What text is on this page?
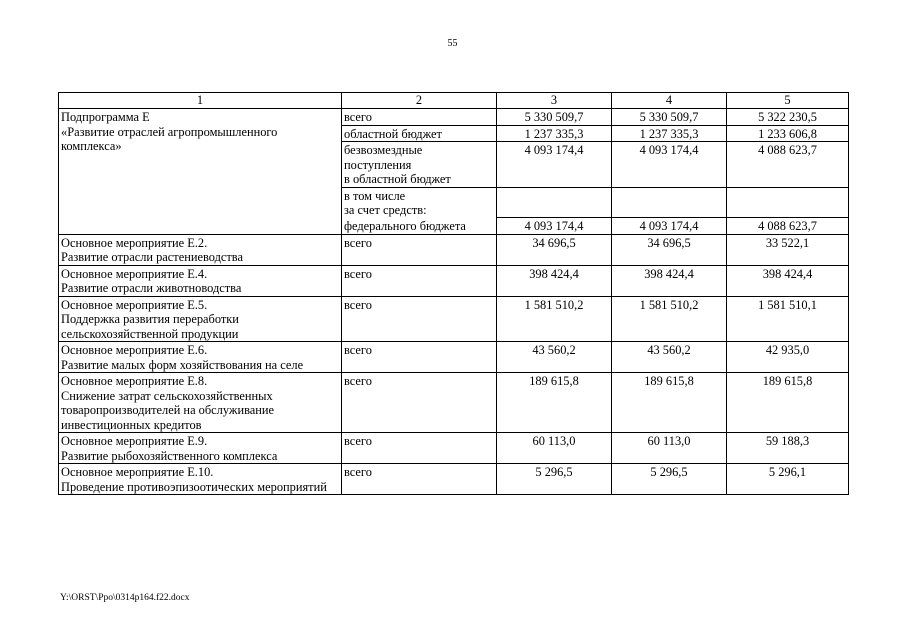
55
1	2	3	4	5
Подпрограмма Е
«Развитие отраслей агропромышленного комплекса»	всего	5 330 509,7	5 330 509,7	5 322 230,5
	областной бюджет	1 237 335,3	1 237 335,3	1 233 606,8
	безвозмездные
поступления
в областной бюджет	4 093 174,4	4 093 174,4	4 088 623,7
	в том числе
за счет средств:			
	федерального бюджета	4 093 174,4	4 093 174,4	4 088 623,7
Основное мероприятие Е.2.
Развитие отрасли растениеводства	всего	34 696,5	34 696,5	33 522,1
Основное мероприятие Е.4.
Развитие отрасли животноводства	всего	398 424,4	398 424,4	398 424,4
Основное мероприятие Е.5.
Поддержка развития переработки сельскохозяйственной продукции	всего	1 581 510,2	1 581 510,2	1 581 510,1
Основное мероприятие Е.6.
Развитие малых форм хозяйствования на селе	всего	43 560,2	43 560,2	42 935,0
Основное мероприятие Е.8.
Снижение затрат сельскохозяйственных товаропроизводителей на обслуживание инвестиционных кредитов	всего	189 615,8	189 615,8	189 615,8
Основное мероприятие Е.9.
Развитие рыбохозяйственного комплекса	всего	60 113,0	60 113,0	59 188,3
Основное мероприятие Е.10.
Проведение противоэпизоотических мероприятий	всего	5 296,5	5 296,5	5 296,1
Y:\ORST\Ppo\0314p164.f22.docx
